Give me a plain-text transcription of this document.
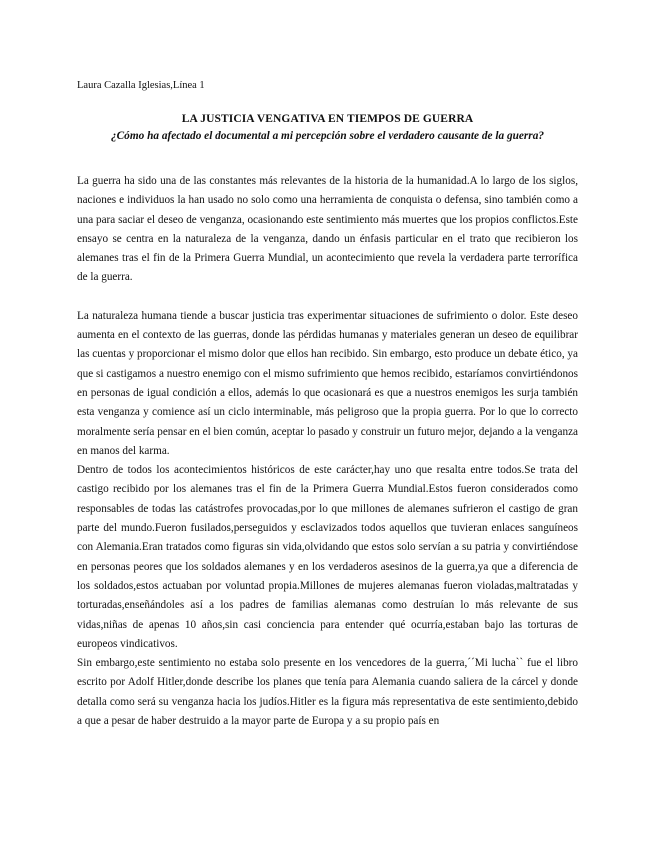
Laura Cazalla Iglesias,Línea 1

LA JUSTICIA VENGATIVA EN TIEMPOS DE GUERRA

¿Cómo ha afectado el documental a mi percepción sobre el verdadero causante de la guerra?

La guerra ha sido una de las constantes más relevantes de la historia de la humanidad.A lo largo de los siglos, naciones e individuos la han usado no solo como una herramienta de conquista o defensa, sino también como a una para saciar el deseo de venganza, ocasionando este sentimiento más muertes que los propios conflictos.Este ensayo se centra en la naturaleza de la venganza, dando un énfasis particular en el trato que recibieron los alemanes tras el fin de la Primera Guerra Mundial, un acontecimiento que revela la verdadera parte terrorífica de la guerra.

La naturaleza humana tiende a buscar justicia tras experimentar situaciones de sufrimiento o dolor. Este deseo aumenta en el contexto de las guerras, donde las pérdidas humanas y materiales generan un deseo de equilibrar las cuentas y proporcionar el mismo dolor que ellos han recibido. Sin embargo, esto produce un debate ético, ya que si castigamos a nuestro enemigo con el mismo sufrimiento que hemos recibido, estaríamos convirtiéndonos en personas de igual condición a ellos, además lo que ocasionará es que a nuestros enemigos les surja también esta venganza y comience así un ciclo interminable, más peligroso que la propia guerra. Por lo que lo correcto moralmente sería pensar en el bien común, aceptar lo pasado y construir un futuro mejor, dejando a la venganza en manos del karma.

Dentro de todos los acontecimientos históricos de este carácter,hay uno que resalta entre todos.Se trata del castigo recibido por los alemanes tras el fin de la Primera Guerra Mundial.Estos fueron considerados como responsables de todas las catástrofes provocadas,por lo que millones de alemanes sufrieron el castigo de gran parte del mundo.Fueron fusilados,perseguidos y esclavizados todos aquellos que tuvieran enlaces sanguíneos con Alemania.Eran tratados como figuras sin vida,olvidando que estos solo servían a su patria y convirtiéndose en personas peores que los soldados alemanes y en los verdaderos asesinos de la guerra,ya que a diferencia de los soldados,estos actuaban por voluntad propia.Millones de mujeres alemanas fueron violadas,maltratadas y torturadas,enseñándoles así a los padres de familias alemanas como destruían lo más relevante de sus vidas,niñas de apenas 10 años,sin casi conciencia para entender qué ocurría,estaban bajo las torturas de europeos vindicativos.

Sin embargo,este sentimiento no estaba solo presente en los vencedores de la guerra,´´Mi lucha`` fue el libro escrito por Adolf Hitler,donde describe los planes que tenía para Alemania cuando saliera de la cárcel y donde detalla como será su venganza hacia los judíos.Hitler es la figura más representativa de este sentimiento,debido a que a pesar de haber destruido a la mayor parte de Europa y a su propio país en
